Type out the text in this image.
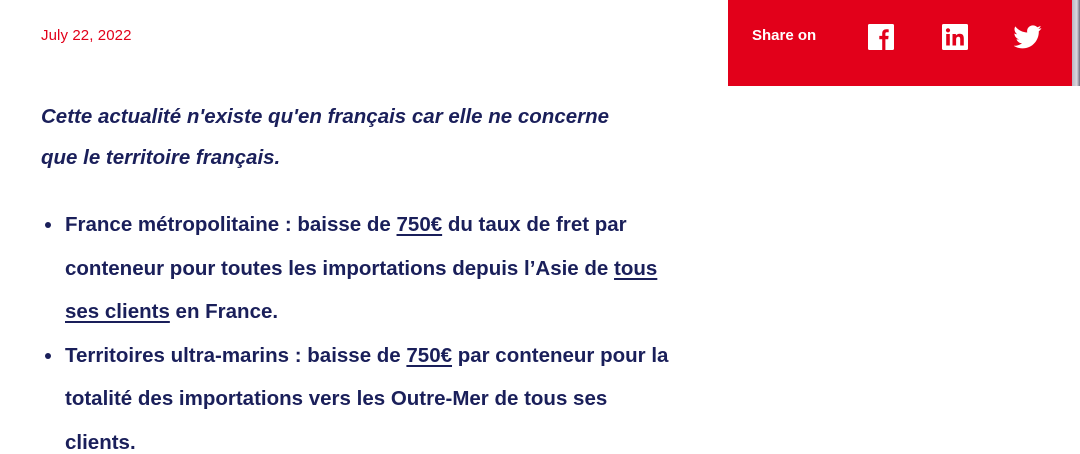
July 22, 2022	Share on

Cette actualité n'existe qu'en français car elle ne concerne que le territoire français.

France métropolitaine : baisse de 750€ du taux de fret par conteneur pour toutes les importations depuis l’Asie de tous ses clients en France.
Territoires ultra-marins : baisse de 750€ par conteneur pour la totalité des importations vers les Outre-Mer de tous ses clients.
